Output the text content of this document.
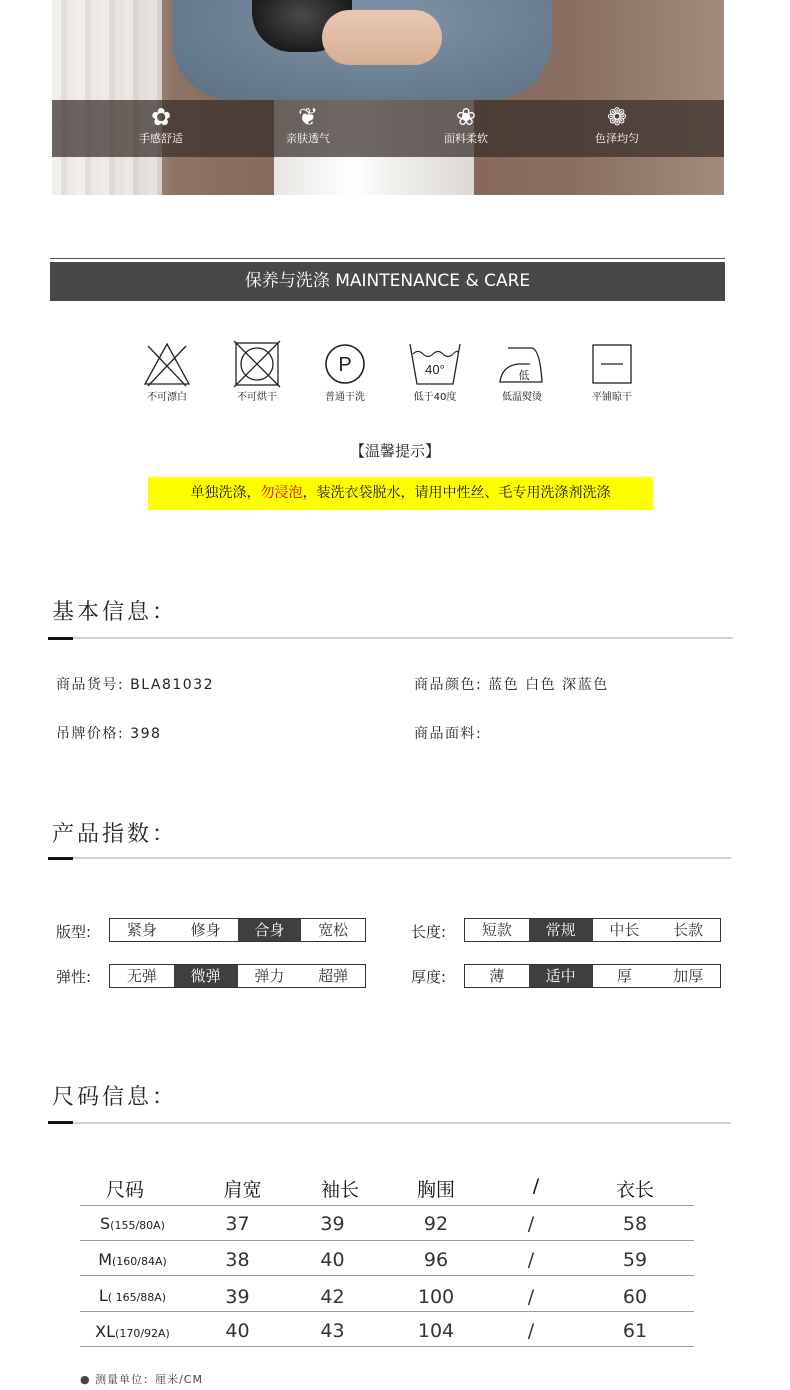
✿
手感舒适
❦
亲肤透气
❀
面料柔软
❁
色泽均匀
保养与洗涤 MAINTENANCE & CARE
不可漂白	不可烘干
P
普通干洗
40°
低于40度
低
低温熨烫	平铺晾干
【温馨提示】
单独洗涤，勿浸泡，装洗衣袋脱水，请用中性丝、毛专用洗涤剂洗涤
基本信息：
商品货号: BLA81032	商品颜色: 蓝色 白色 深蓝色
吊牌价格: 398	商品面料:
产品指数：
版型:	紧身	修身	合身	宽松	长度:	短款	常规	中长	长款
弹性:	无弹	微弹	弹力	超弹	厚度:	薄	适中	厚	加厚
尺码信息：
尺码	肩宽	袖长	胸围	/	衣长
S(155/80A)	37	39	92	/	58
M(160/84A)	38	40	96	/	59
L( 165/88A)	39	42	100	/	60
XL(170/92A)	40	43	104	/	61
● 测量单位：厘米/CM
